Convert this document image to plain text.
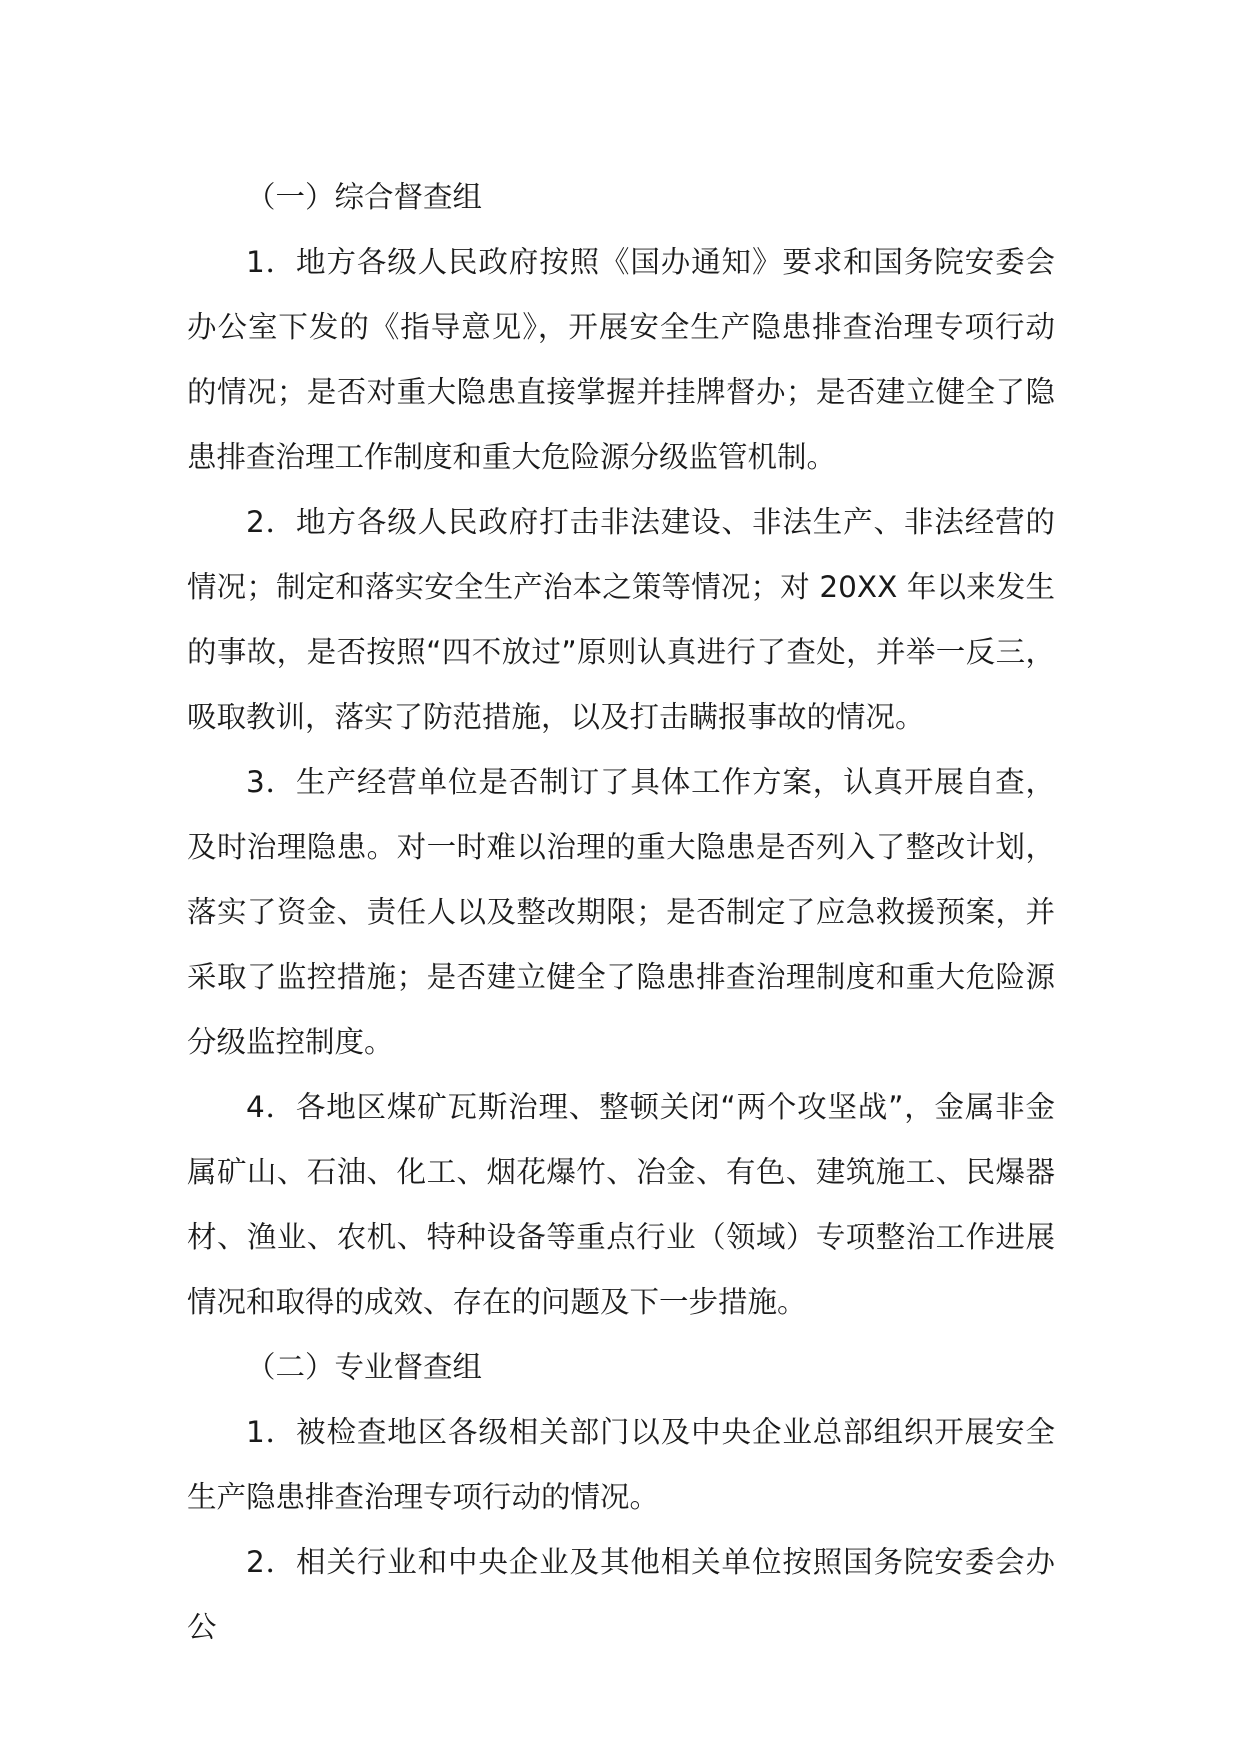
（一）综合督查组

1．地方各级人民政府按照《国办通知》要求和国务院安委会办公室下发的《指导意见》，开展安全生产隐患排查治理专项行动的情况；是否对重大隐患直接掌握并挂牌督办；是否建立健全了隐患排查治理工作制度和重大危险源分级监管机制。

2．地方各级人民政府打击非法建设、非法生产、非法经营的情况；制定和落实安全生产治本之策等情况；对 20XX 年以来发生的事故，是否按照“四不放过”原则认真进行了查处，并举一反三，吸取教训，落实了防范措施，以及打击瞒报事故的情况。

3．生产经营单位是否制订了具体工作方案，认真开展自查，及时治理隐患。对一时难以治理的重大隐患是否列入了整改计划，落实了资金、责任人以及整改期限；是否制定了应急救援预案，并采取了监控措施；是否建立健全了隐患排查治理制度和重大危险源分级监控制度。

4．各地区煤矿瓦斯治理、整顿关闭“两个攻坚战”，金属非金属矿山、石油、化工、烟花爆竹、冶金、有色、建筑施工、民爆器材、渔业、农机、特种设备等重点行业（领域）专项整治工作进展情况和取得的成效、存在的问题及下一步措施。

（二）专业督查组

1．被检查地区各级相关部门以及中央企业总部组织开展安全生产隐患排查治理专项行动的情况。

2．相关行业和中央企业及其他相关单位按照国务院安委会办公
